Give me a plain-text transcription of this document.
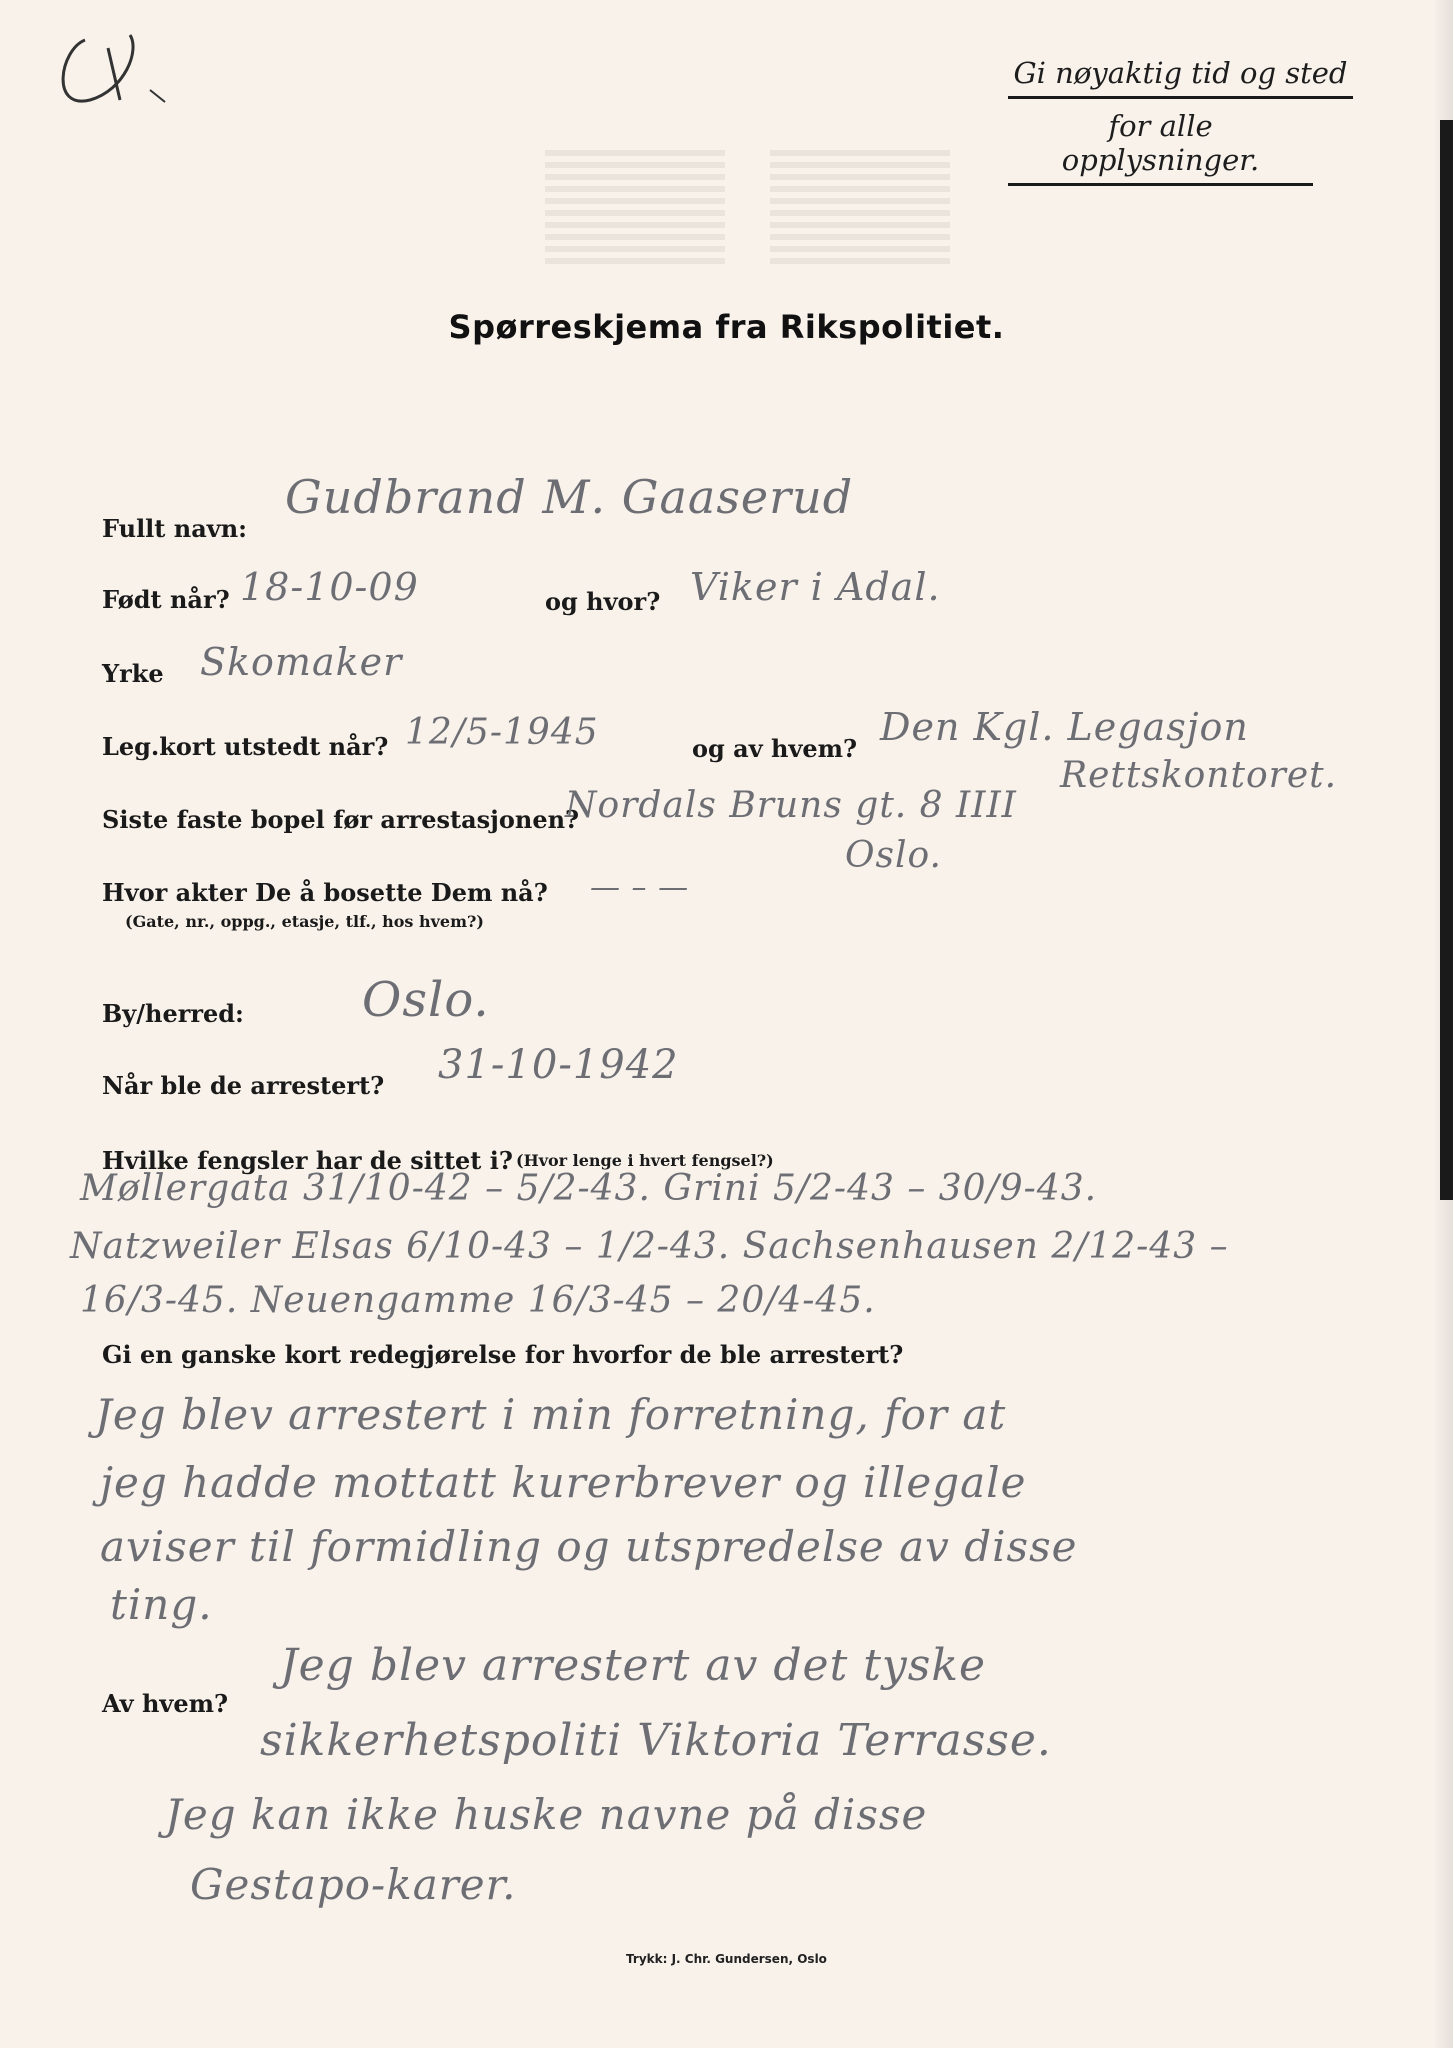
Gi nøyaktig tid og sted
for alle opplysninger.
Spørreskjema fra Rikspolitiet.
Fullt navn:
Gudbrand M. Gaaserud
Født når? 18-10-09	og hvor? Viker i Adal.
Yrke Skomaker
Leg.kort utstedt når? 12/5-1945	og av hvem? Den Kgl. Legasjon
Rettskontoret.
Siste faste bopel før arrestasjonen?
Nordals Bruns gt. 8 IIII
Oslo.
Hvor akter De å bosette Dem nå?
(Gate, nr., oppg., etasje, tlf., hos hvem?)
— – —
By/herred: Oslo.
Når ble de arrestert? 31-10-1942
Hvilke fengsler har de sittet i? (Hvor lenge i hvert fengsel?)
Møllergata 31/10-42 – 5/2-43. Grini 5/2-43 – 30/9-43.
Natzweiler Elsas 6/10-43 – 1/2-43. Sachsenhausen 2/12-43 –
16/3-45. Neuengamme 16/3-45 – 20/4-45.
Gi en ganske kort redegjørelse for hvorfor de ble arrestert?
Jeg blev arrestert i min forretning, for at
jeg hadde mottatt kurerbrever og illegale
aviser til formidling og utspredelse av disse
ting.
Av hvem?
Jeg blev arrestert av det tyske
sikkerhetspoliti Viktoria Terrasse.
Jeg kan ikke huske navne på disse
Gestapo-karer.
Trykk: J. Chr. Gundersen, Oslo
